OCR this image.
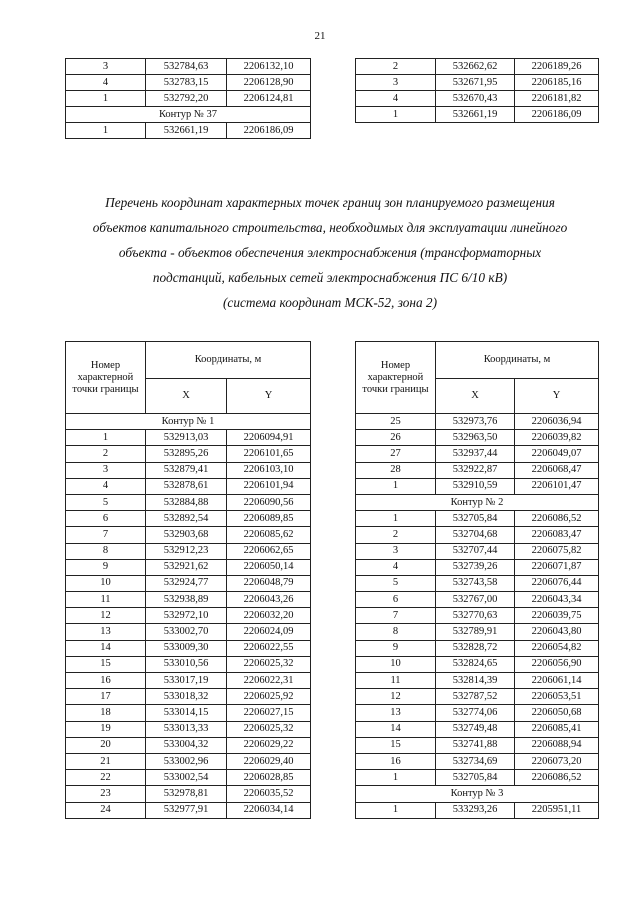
21
3	532784,63	2206132,10
4	532783,15	2206128,90
1	532792,20	2206124,81
Контур № 37		
1	532661,19	2206186,09
2	532662,62	2206189,26
3	532671,95	2206185,16
4	532670,43	2206181,82
1	532661,19	2206186,09
Перечень координат характерных точек границ зон планируемого размещения
объектов капитального строительства, необходимых для эксплуатации линейного
объекта - объектов обеспечения электроснабжения (трансформаторных
подстанций, кабельных сетей электроснабжения ПС 6/10 кВ)
(система координат МСК-52, зона 2)
Номер характерной точки границы	Координаты, м	
	X	Y
Контур № 1		
1	532913,03	2206094,91
2	532895,26	2206101,65
3	532879,41	2206103,10
4	532878,61	2206101,94
5	532884,88	2206090,56
6	532892,54	2206089,85
7	532903,68	2206085,62
8	532912,23	2206062,65
9	532921,62	2206050,14
10	532924,77	2206048,79
11	532938,89	2206043,26
12	532972,10	2206032,20
13	533002,70	2206024,09
14	533009,30	2206022,55
15	533010,56	2206025,32
16	533017,19	2206022,31
17	533018,32	2206025,92
18	533014,15	2206027,15
19	533013,33	2206025,32
20	533004,32	2206029,22
21	533002,96	2206029,40
22	533002,54	2206028,85
23	532978,81	2206035,52
24	532977,91	2206034,14
Номер характерной точки границы	Координаты, м	
	X	Y
25	532973,76	2206036,94
26	532963,50	2206039,82
27	532937,44	2206049,07
28	532922,87	2206068,47
1	532910,59	2206101,47
Контур № 2		
1	532705,84	2206086,52
2	532704,68	2206083,47
3	532707,44	2206075,82
4	532739,26	2206071,87
5	532743,58	2206076,44
6	532767,00	2206043,34
7	532770,63	2206039,75
8	532789,91	2206043,80
9	532828,72	2206054,82
10	532824,65	2206056,90
11	532814,39	2206061,14
12	532787,52	2206053,51
13	532774,06	2206050,68
14	532749,48	2206085,41
15	532741,88	2206088,94
16	532734,69	2206073,20
1	532705,84	2206086,52
Контур № 3		
1	533293,26	2205951,11
